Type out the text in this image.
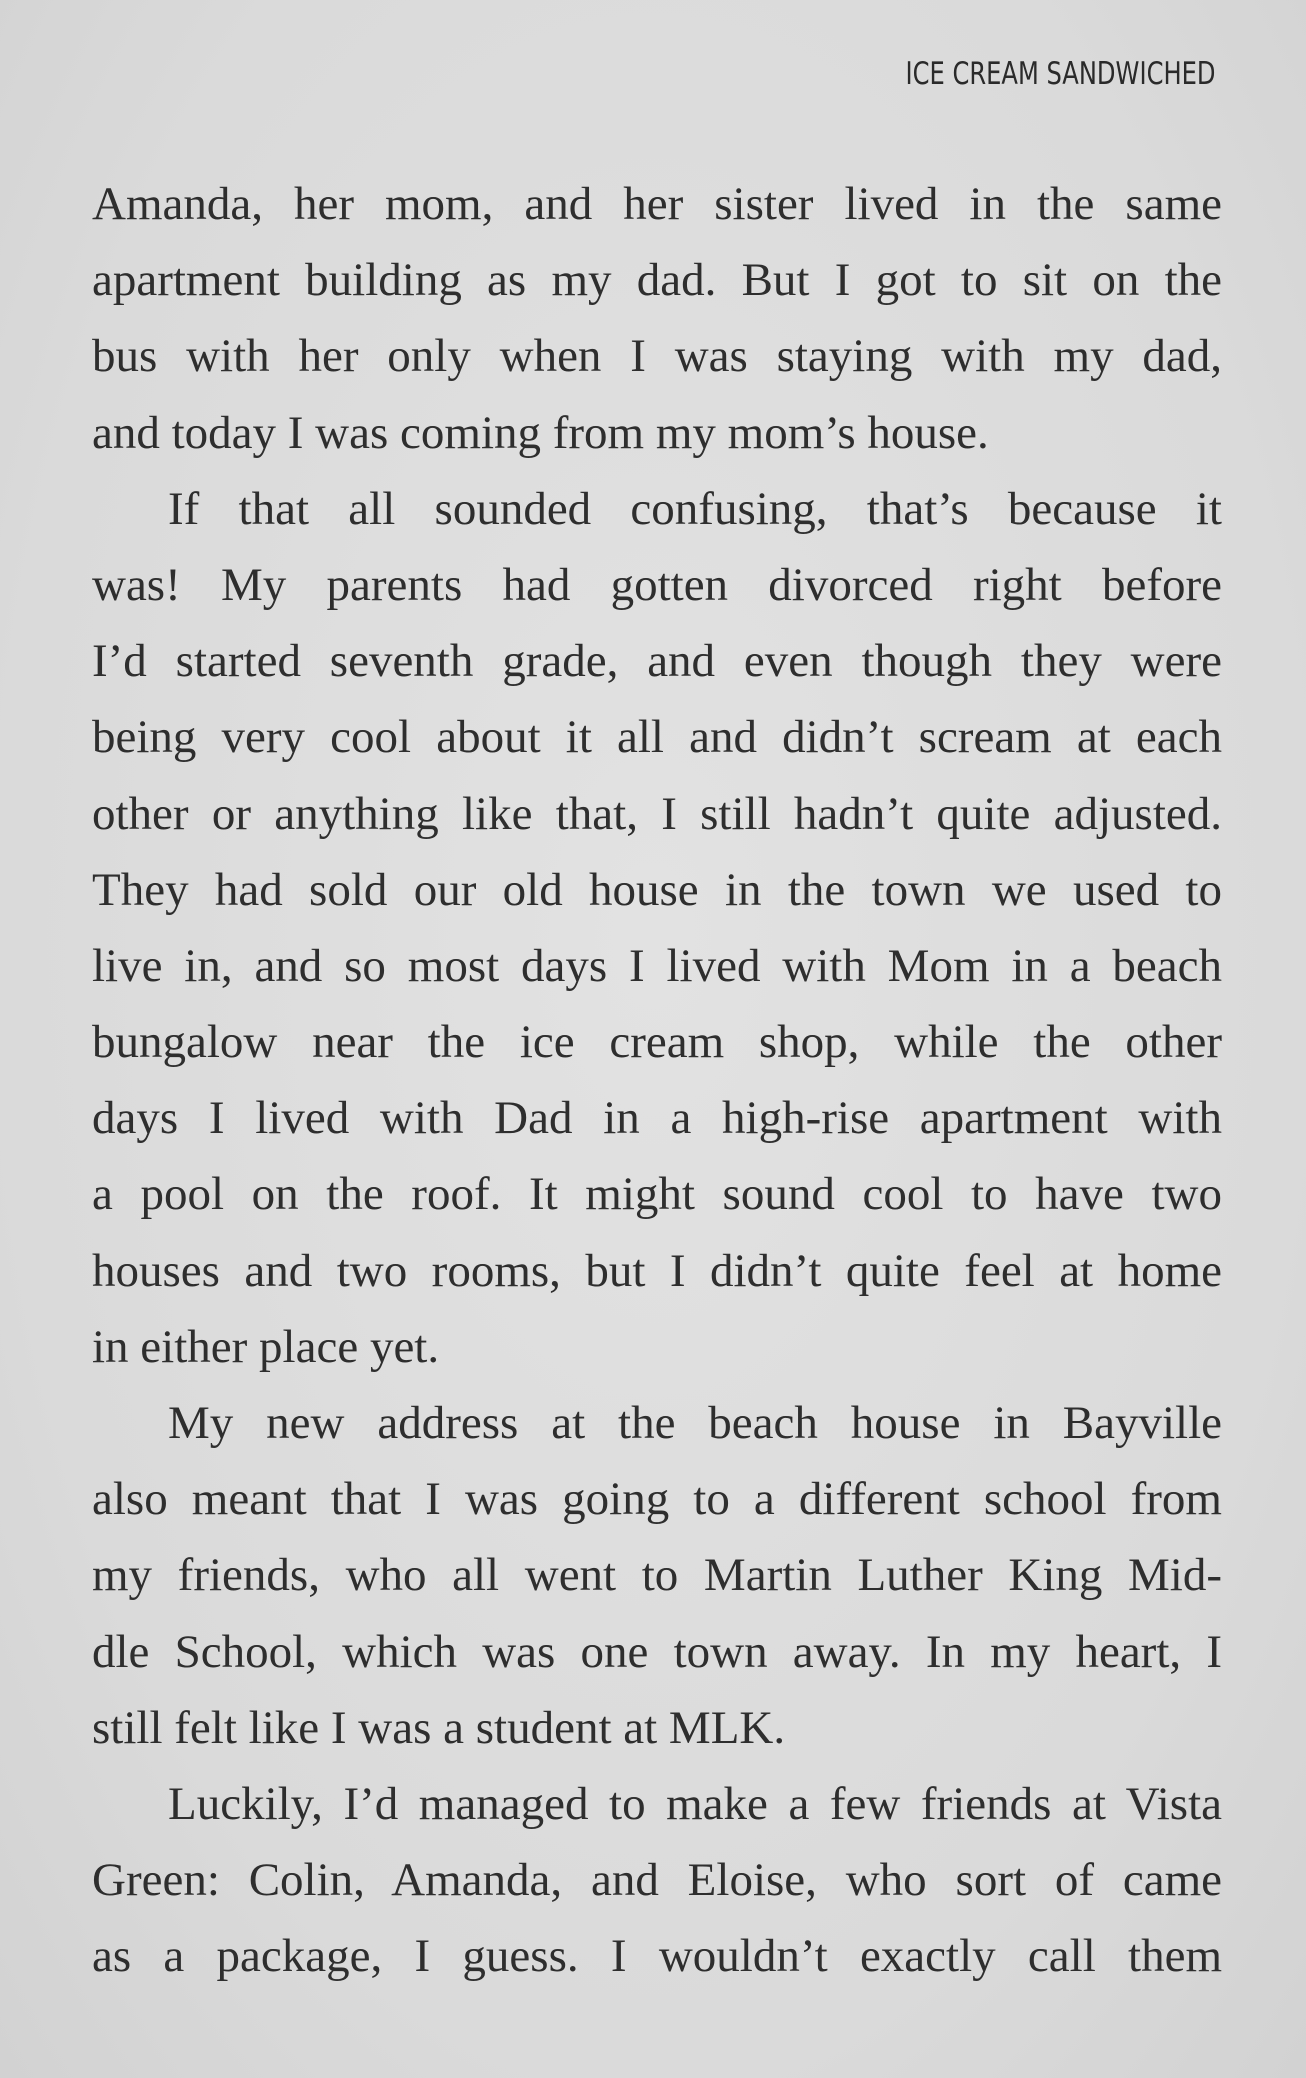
ICE CREAM SANDWICHED
Amanda, her mom, and her sister lived in the same
apartment building as my dad. But I got to sit on the
bus with her only when I was staying with my dad,
and today I was coming from my mom’s house.
If that all sounded confusing, that’s because it
was! My parents had gotten divorced right before
I’d started seventh grade, and even though they were
being very cool about it all and didn’t scream at each
other or anything like that, I still hadn’t quite adjusted.
They had sold our old house in the town we used to
live in, and so most days I lived with Mom in a beach
bungalow near the ice cream shop, while the other
days I lived with Dad in a high-rise apartment with
a pool on the roof. It might sound cool to have two
houses and two rooms, but I didn’t quite feel at home
in either place yet.
My new address at the beach house in Bayville
also meant that I was going to a different school from
my friends, who all went to Martin Luther King Mid-
dle School, which was one town away. In my heart, I
still felt like I was a student at MLK.
Luckily, I’d managed to make a few friends at Vista
Green: Colin, Amanda, and Eloise, who sort of came
as a package, I guess. I wouldn’t exactly call them
